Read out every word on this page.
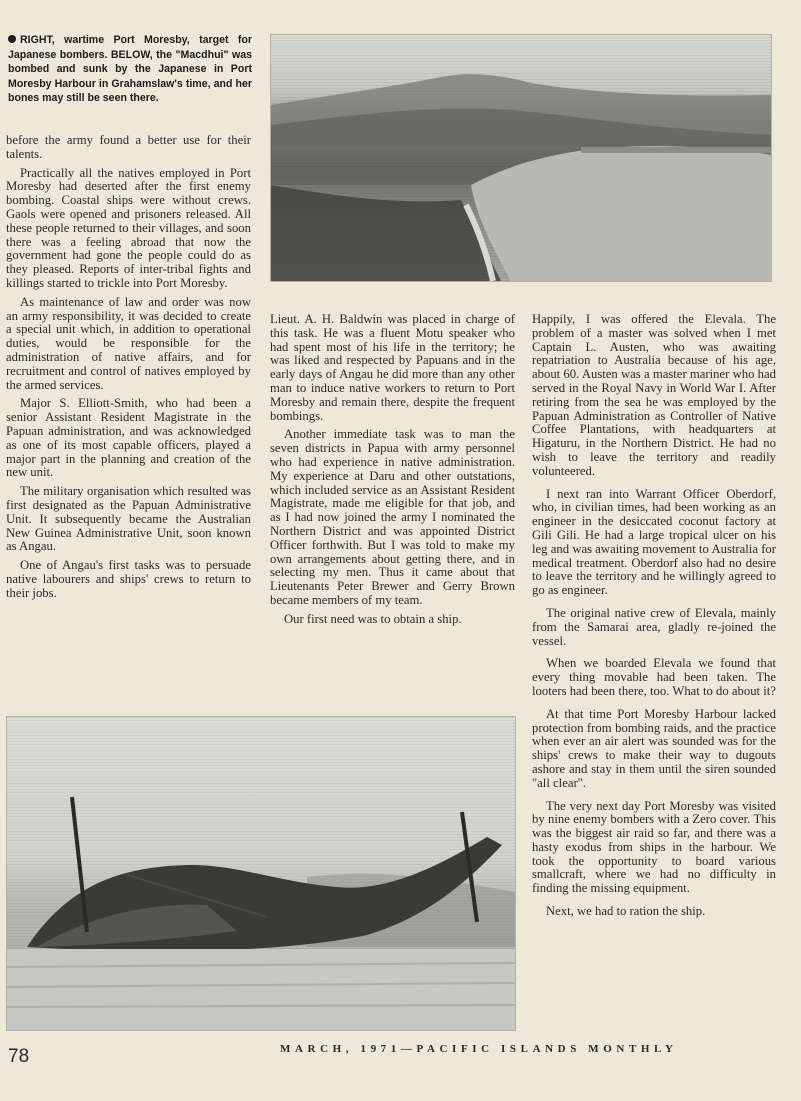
RIGHT, wartime Port Moresby, target for Japanese bombers. BELOW, the "Macdhui" was bombed and sunk by the Japanese in Port Moresby Harbour in Grahamslaw's time, and her bones may still be seen there.

before the army found a better use for their talents.

Practically all the natives employed in Port Moresby had deserted after the first enemy bombing. Coastal ships were without crews. Gaols were opened and prisoners released. All these people returned to their villages, and soon there was a feeling abroad that now the government had gone the people could do as they pleased. Reports of inter-tribal fights and killings started to trickle into Port Moresby.

As maintenance of law and order was now an army responsibility, it was decided to create a special unit which, in addition to operational duties, would be responsible for the administration of native affairs, and for recruitment and control of natives employed by the armed services.

Major S. Elliott-Smith, who had been a senior Assistant Resident Magistrate in the Papuan administration, and was acknowledged as one of its most capable officers, played a major part in the planning and creation of the new unit.

The military organisation which resulted was first designated as the Papuan Administrative Unit. It subsequently became the Australian New Guinea Administrative Unit, soon known as Angau.

One of Angau's first tasks was to persuade native labourers and ships' crews to return to their jobs.

Lieut. A. H. Baldwin was placed in charge of this task. He was a fluent Motu speaker who had spent most of his life in the territory; he was liked and respected by Papuans and in the early days of Angau he did more than any other man to induce native workers to return to Port Moresby and remain there, despite the frequent bombings.

Another immediate task was to man the seven districts in Papua with army personnel who had experience in native administration. My experience at Daru and other outstations, which included service as an Assistant Resident Magistrate, made me eligible for that job, and as I had now joined the army I nominated the Northern District and was appointed District Officer forthwith. But I was told to make my own arrangements about getting there, and in selecting my men. Thus it came about that Lieutenants Peter Brewer and Gerry Brown became members of my team.

Our first need was to obtain a ship.

Happily, I was offered the Elevala. The problem of a master was solved when I met Captain L. Austen, who was awaiting repatriation to Australia because of his age, about 60. Austen was a master mariner who had served in the Royal Navy in World War I. After retiring from the sea he was employed by the Papuan Administration as Controller of Native Coffee Plantations, with headquarters at Higaturu, in the Northern District. He had no wish to leave the territory and readily volunteered.

I next ran into Warrant Officer Oberdorf, who, in civilian times, had been working as an engineer in the desiccated coconut factory at Gili Gili. He had a large tropical ulcer on his leg and was awaiting movement to Australia for medical treatment. Oberdorf also had no desire to leave the territory and he willingly agreed to go as engineer.

The original native crew of Elevala, mainly from the Samarai area, gladly re-joined the vessel.

When we boarded Elevala we found that every thing movable had been taken. The looters had been there, too. What to do about it?

At that time Port Moresby Harbour lacked protection from bombing raids, and the practice when ever an air alert was sounded was for the ships' crews to make their way to dugouts ashore and stay in them until the siren sounded "all clear".

The very next day Port Moresby was visited by nine enemy bombers with a Zero cover. This was the biggest air raid so far, and there was a hasty exodus from ships in the harbour. We took the opportunity to board various smallcraft, where we had no difficulty in finding the missing equipment.

Next, we had to ration the ship.

78	MARCH, 1971—PACIFIC ISLANDS MONTHLY
